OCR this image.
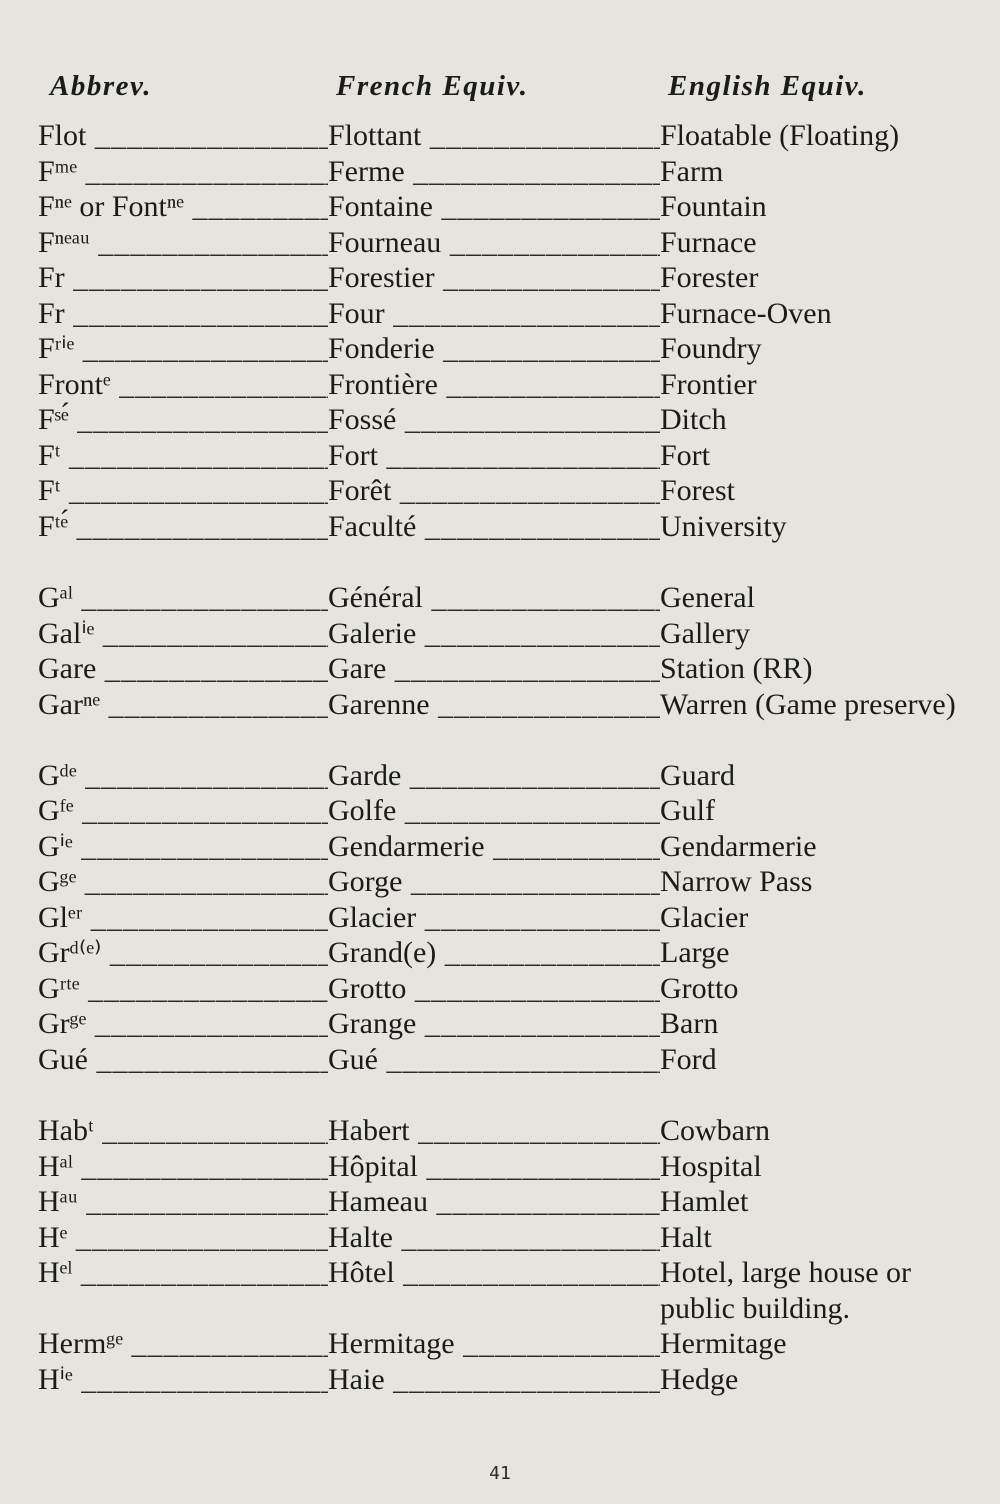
Abbrev.	French Equiv.	English Equiv.
Flot _____	Flottant _____	Floatable (Floating)
Fᵐᵉ _____	Ferme _____	Farm
Fⁿᵉ or Fontⁿᵉ _____	Fontaine _____	Fountain
Fⁿᵉᵃᵘ _____	Fourneau _____	Furnace
Fr _____	Forestier _____	Forester
Fr _____	Four _____	Furnace-Oven
Fʳⁱᵉ _____	Fonderie _____	Foundry
Frontᵉ _____	Frontière _____	Frontier
Fˢᵉ́ _____	Fossé _____	Ditch
Fᵗ _____	Fort _____	Fort
Fᵗ _____	Forêt _____	Forest
Fᵗᵉ́ _____	Faculté _____	University
Gᵃˡ _____	Général _____	General
Galⁱᵉ _____	Galerie _____	Gallery
Gare _____	Gare _____	Station (RR)
Garⁿᵉ _____	Garenne _____	Warren (Game preserve)
Gᵈᵉ _____	Garde _____	Guard
Gᶠᵉ _____	Golfe _____	Gulf
Gⁱᵉ _____	Gendarmerie _____	Gendarmerie
Gᵍᵉ _____	Gorge _____	Narrow Pass
Glᵉʳ _____	Glacier _____	Glacier
Grᵈ⁽ᵉ⁾ _____	Grand(e) _____	Large
Gʳᵗᵉ _____	Grotto _____	Grotto
Grᵍᵉ _____	Grange _____	Barn
Gué _____	Gué _____	Ford
Habᵗ _____	Habert _____	Cowbarn
Hᵃˡ _____	Hôpital _____	Hospital
Hᵃᵘ _____	Hameau _____	Hamlet
Hᵉ _____	Halte _____	Halt
Hᵉˡ _____	Hôtel _____	Hotel, large house or public building.
Hermᵍᵉ _____	Hermitage _____	Hermitage
Hⁱᵉ _____	Haie _____	Hedge
41
